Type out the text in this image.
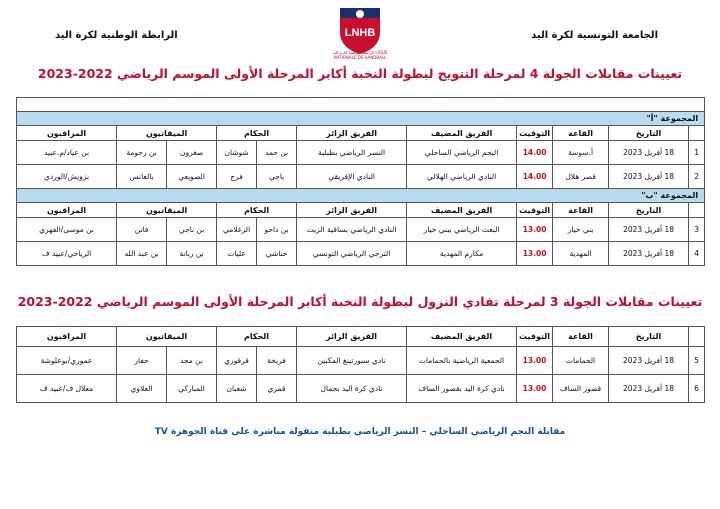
الجامعة التونسية لكرة اليد
الرابطة الوطنية لكرة اليد	LNHB
الرابطة الوطنية لكرة اليد LIGUE NATIONALE DE HANDBALL
تعيينات مقابلات الجولة 4 لمرحلة التتويج لبطولة النخبة أكابر المرحلة الأولى الموسم الرياضي 2022-2023

المجموعة "أ"										
	التاريخ	القاعة	التوقيت	الفريق المضيف	الفريق الزائر	الحكام		الميقاتيون		المراقبون
1	18 أفريل 2023	أ.سوسة	14.00	النجم الرياضي الساحلي	النسر الرياضي بطبلبة	بن حمد	شوشان	صغرون	بن رحومة	بن عياد/م.عبيد
2	18 أفريل 2023	قصر هلال	14.00	النادي الرياضي الهلالي	النادي الإفريقي	باجي	فرج	الصويعي	بالعانس	بزويش/الوردي
المجموعة "ب"										
	التاريخ	القاعة	التوقيت	الفريق المضيف	الفريق الزائر	الحكام		الميقاتيون		المراقبون
3	18 أفريل 2023	بني خيار	13.00	البعث الرياضي ببني خيار	النادي الرياضي بساقية الزيت	بن داحو	الزغلامي	بن ناجي	فاتن	بن موسى/الفهري
4	18 أفريل 2023	المهدية	13.00	مكارم المهدية	الترجي الرياضي التونسي	حناشي	عليات	بن ربانة	بن عبد الله	الرياحي/عبيد ف
تعيينات مقابلات الجولة 3 لمرحلة تفادي النزول لبطولة النخبة أكابر المرحلة الأولى الموسم الرياضي 2022-2023
	التاريخ	القاعة	التوقيت	الفريق المضيف	الفريق الزائر	الحكام		الميقاتيون		المراقبون
5	18 أفريل 2023	الحمامات	13.00	الجمعية الرياضية بالحمامات	نادي سبورتينغ المكنين	فريخة	قرقوري	بن مجد	حفار	عموري/بوعلوشة
6	18 أفريل 2023	قصور الساف	13.00	نادي كرة اليد بقصور الساف	نادي كرة اليد بجمال	قمري	شعبان	المباركي	العلاوي	معلال ف/عبيد ف
مقابلة النجم الرياضي الساحلي – النسر الرياضي بطبلبة منقولة مباشرة على قناة الجوهرة TV
